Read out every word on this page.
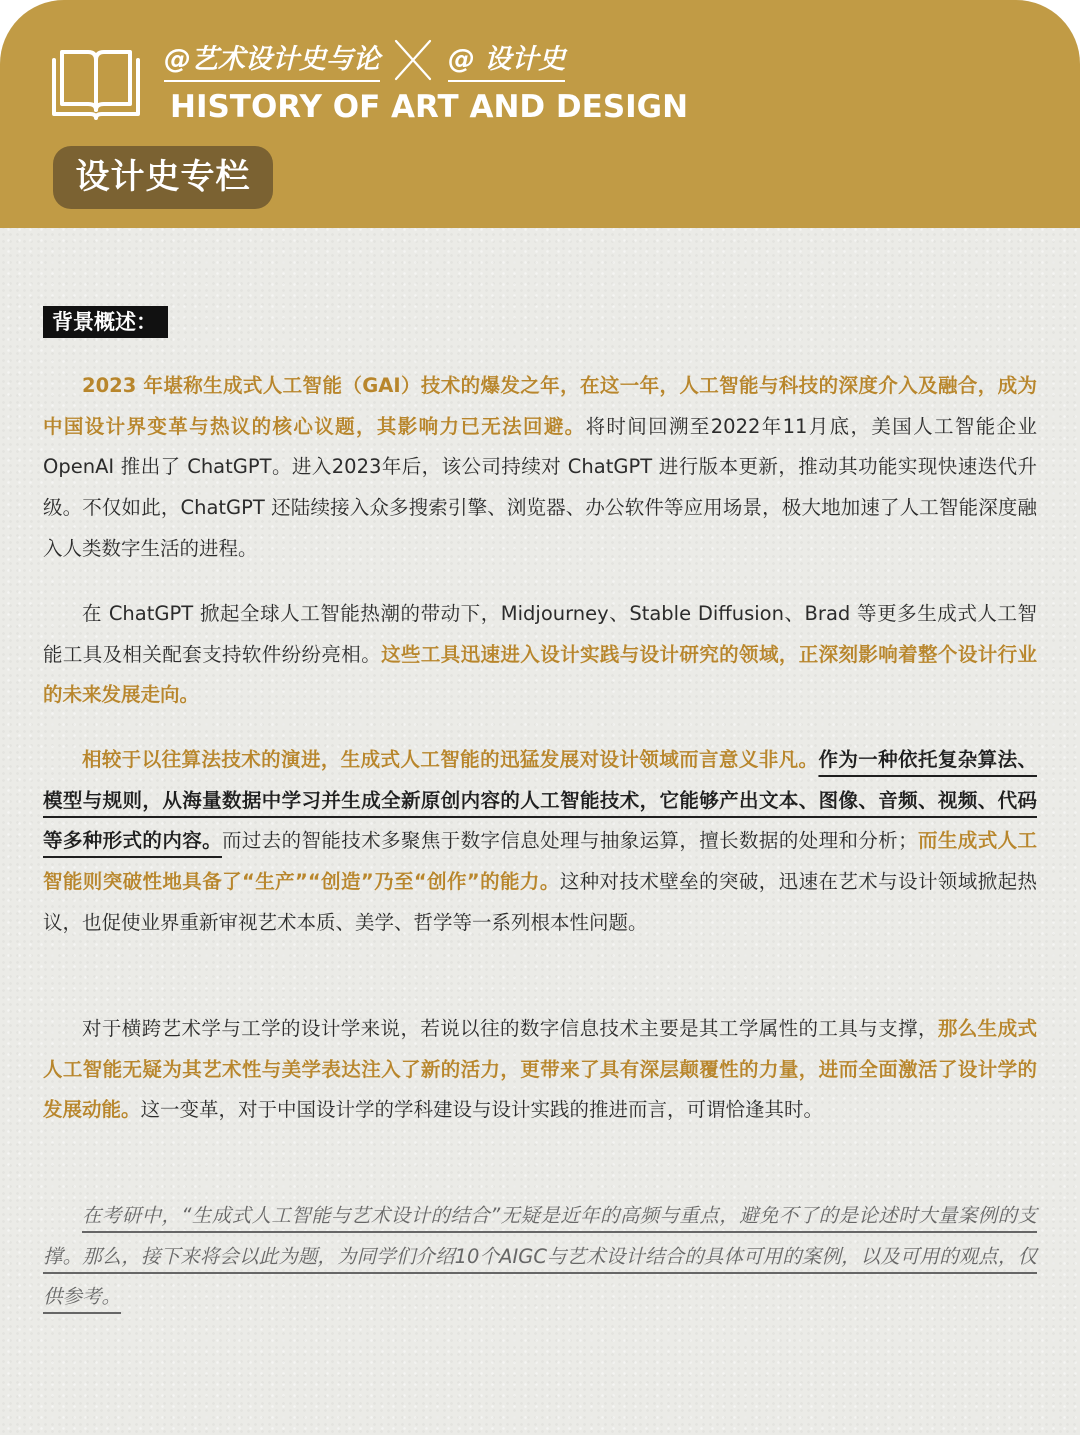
@艺术设计史与论	@ 设计史
HISTORY OF ART AND DESIGN
设计史专栏
背景概述：

2023 年堪称生成式人工智能（GAI）技术的爆发之年，在这一年，人工智能与科技的深度介入及融合，成为中国设计界变革与热议的核心议题，其影响力已无法回避。将时间回溯至2022年11月底，美国人工智能企业 OpenAI 推出了 ChatGPT。进入2023年后，该公司持续对 ChatGPT 进行版本更新，推动其功能实现快速迭代升级。不仅如此，ChatGPT 还陆续接入众多搜索引擎、浏览器、办公软件等应用场景，极大地加速了人工智能深度融入人类数字生活的进程。

在 ChatGPT 掀起全球人工智能热潮的带动下，Midjourney、Stable Diffusion、Brad 等更多生成式人工智能工具及相关配套支持软件纷纷亮相。这些工具迅速进入设计实践与设计研究的领域，正深刻影响着整个设计行业的未来发展走向。

相较于以往算法技术的演进，生成式人工智能的迅猛发展对设计领域而言意义非凡。作为一种依托复杂算法、模型与规则，从海量数据中学习并生成全新原创内容的人工智能技术，它能够产出文本、图像、音频、视频、代码等多种形式的内容。而过去的智能技术多聚焦于数字信息处理与抽象运算，擅长数据的处理和分析；而生成式人工智能则突破性地具备了“生产”“创造”乃至“创作”的能力。这种对技术壁垒的突破，迅速在艺术与设计领域掀起热议，也促使业界重新审视艺术本质、美学、哲学等一系列根本性问题。

对于横跨艺术学与工学的设计学来说，若说以往的数字信息技术主要是其工学属性的工具与支撑，那么生成式人工智能无疑为其艺术性与美学表达注入了新的活力，更带来了具有深层颠覆性的力量，进而全面激活了设计学的发展动能。这一变革，对于中国设计学的学科建设与设计实践的推进而言，可谓恰逢其时。

在考研中，“生成式人工智能与艺术设计的结合”无疑是近年的高频与重点，避免不了的是论述时大量案例的支撑。那么，接下来将会以此为题，为同学们介绍10个AIGC与艺术设计结合的具体可用的案例，以及可用的观点，仅供参考。
